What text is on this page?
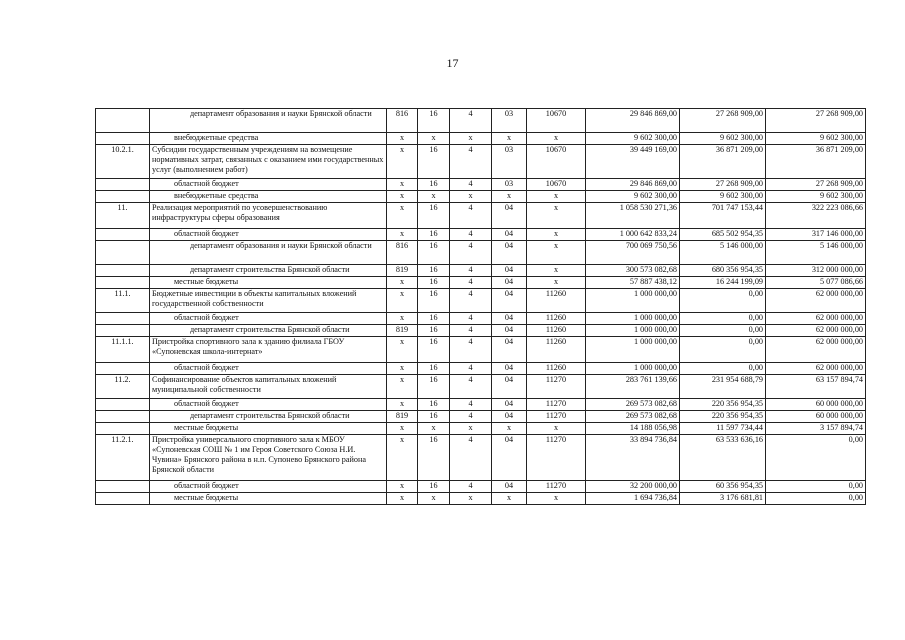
17
	департамент образования и науки Брянской области	816	16	4	03	10670	29 846 869,00	27 268 909,00	27 268 909,00
	внебюджетные средства	x	x	x	x	x	9 602 300,00	9 602 300,00	9 602 300,00
10.2.1.	Субсидии государственным учреждениям на возмещение нормативных затрат, связанных с оказанием ими государственных услуг (выполнением работ)	x	16	4	03	10670	39 449 169,00	36 871 209,00	36 871 209,00
	областной бюджет	x	16	4	03	10670	29 846 869,00	27 268 909,00	27 268 909,00
	внебюджетные средства	x	x	x	x	x	9 602 300,00	9 602 300,00	9 602 300,00
11.	Реализация мероприятий по усовершенствованию инфраструктуры сферы образования	x	16	4	04	x	1 058 530 271,36	701 747 153,44	322 223 086,66
	областной бюджет	x	16	4	04	x	1 000 642 833,24	685 502 954,35	317 146 000,00
	департамент образования и науки Брянской области	816	16	4	04	x	700 069 750,56	5 146 000,00	5 146 000,00
	департамент строительства Брянской области	819	16	4	04	x	300 573 082,68	680 356 954,35	312 000 000,00
	местные бюджеты	x	16	4	04	x	57 887 438,12	16 244 199,09	5 077 086,66
11.1.	Бюджетные инвестиции в объекты капитальных вложений государственной собственности	x	16	4	04	11260	1 000 000,00	0,00	62 000 000,00
	областной бюджет	x	16	4	04	11260	1 000 000,00	0,00	62 000 000,00
	департамент строительства Брянской области	819	16	4	04	11260	1 000 000,00	0,00	62 000 000,00
11.1.1.	Пристройка спортивного зала к зданию филиала ГБОУ «Супоневская школа-интернат»	x	16	4	04	11260	1 000 000,00	0,00	62 000 000,00
	областной бюджет	x	16	4	04	11260	1 000 000,00	0,00	62 000 000,00
11.2.	Софинансирование объектов капитальных вложений муниципальной собственности	x	16	4	04	11270	283 761 139,66	231 954 688,79	63 157 894,74
	областной бюджет	x	16	4	04	11270	269 573 082,68	220 356 954,35	60 000 000,00
	департамент строительства Брянской области	819	16	4	04	11270	269 573 082,68	220 356 954,35	60 000 000,00
	местные бюджеты	x	x	x	x	x	14 188 056,98	11 597 734,44	3 157 894,74
11.2.1.	Пристройка универсального спортивного зала к МБОУ «Супоневская СОШ № 1 им Героя Советского Союза Н.И. Чувина» Брянского района в н.п. Супонево Брянского района Брянской области	x	16	4	04	11270	33 894 736,84	63 533 636,16	0,00
	областной бюджет	x	16	4	04	11270	32 200 000,00	60 356 954,35	0,00
	местные бюджеты	x	x	x	x	x	1 694 736,84	3 176 681,81	0,00
